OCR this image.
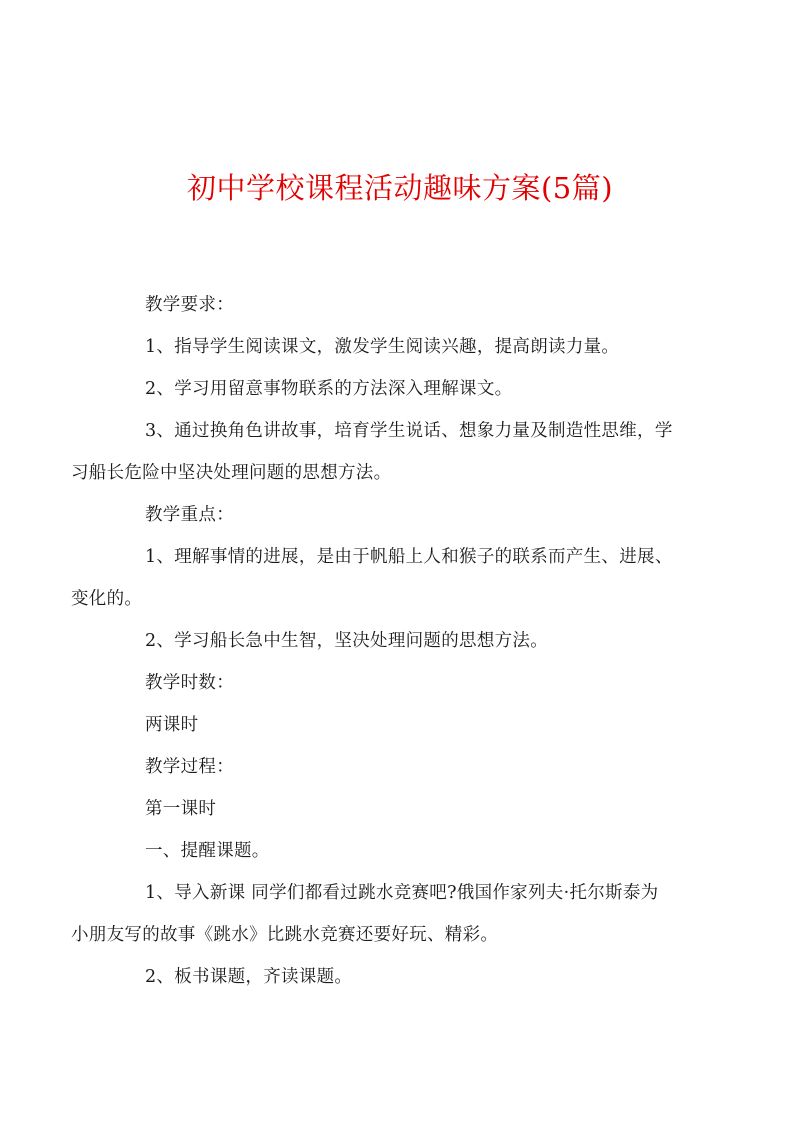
初中学校课程活动趣味方案(5篇)

教学要求：

1、指导学生阅读课文，激发学生阅读兴趣，提高朗读力量。

2、学习用留意事物联系的方法深入理解课文。

3、通过换角色讲故事，培育学生说话、想象力量及制造性思维，学
习船长危险中坚决处理问题的思想方法。

教学重点：

1、理解事情的进展，是由于帆船上人和猴子的联系而产生、进展、
变化的。

2、学习船长急中生智，坚决处理问题的思想方法。

教学时数：

两课时

教学过程：

第一课时

一、提醒课题。

1、导入新课 同学们都看过跳水竞赛吧?俄国作家列夫·托尔斯泰为
小朋友写的故事《跳水》比跳水竞赛还要好玩、精彩。

2、板书课题，齐读课题。
